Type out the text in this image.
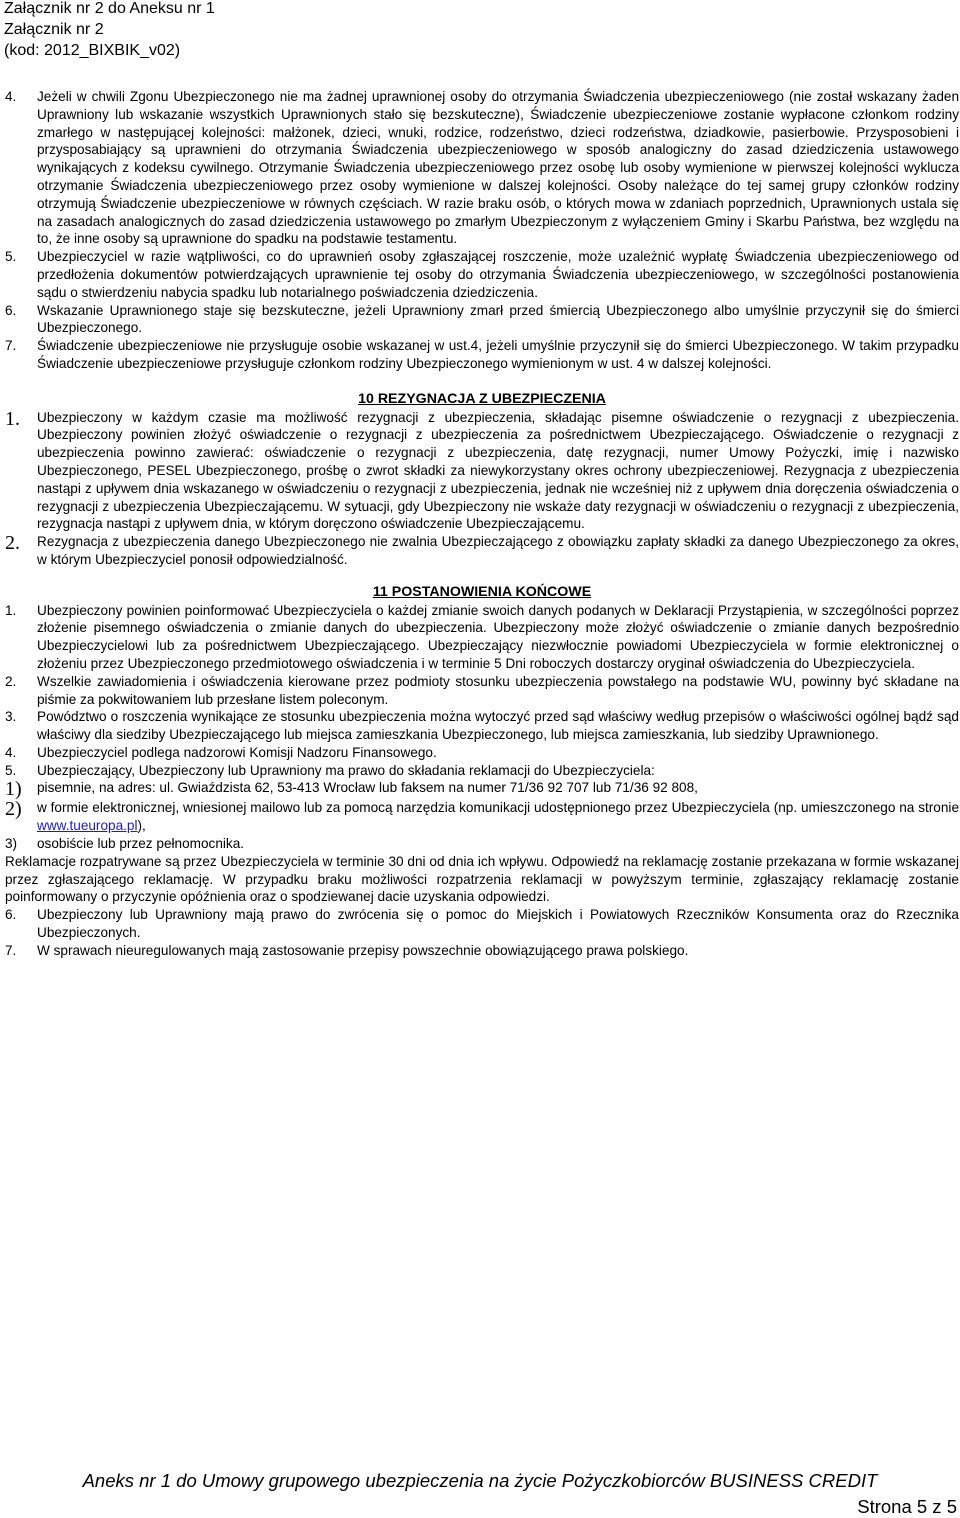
Załącznik nr 2 do Aneksu nr 1
Załącznik nr 2
(kod: 2012_BIXBIK_v02)
4.	Jeżeli w chwili Zgonu Ubezpieczonego nie ma żadnej uprawnionej osoby do otrzymania Świadczenia ubezpieczeniowego (nie został wskazany żaden Uprawniony lub wskazanie wszystkich Uprawnionych stało się bezskuteczne), Świadczenie ubezpieczeniowe zostanie wypłacone członkom rodziny zmarłego w następującej kolejności: małżonek, dzieci, wnuki, rodzice, rodzeństwo, dzieci rodzeństwa, dziadkowie, pasierbowie. Przysposobieni i przysposabiający są uprawnieni do otrzymania Świadczenia ubezpieczeniowego w sposób analogiczny do zasad dziedziczenia ustawowego wynikających z kodeksu cywilnego. Otrzymanie Świadczenia ubezpieczeniowego przez osobę lub osoby wymienione w pierwszej kolejności wyklucza otrzymanie Świadczenia ubezpieczeniowego przez osoby wymienione w dalszej kolejności. Osoby należące do tej samej grupy członków rodziny otrzymują Świadczenie ubezpieczeniowe w równych częściach. W razie braku osób, o których mowa w zdaniach poprzednich, Uprawnionych ustala się na zasadach analogicznych do zasad dziedziczenia ustawowego po zmarłym Ubezpieczonym z wyłączeniem Gminy i Skarbu Państwa, bez względu na to, że inne osoby są uprawnione do spadku na podstawie testamentu.
5.	Ubezpieczyciel w razie wątpliwości, co do uprawnień osoby zgłaszającej roszczenie, może uzależnić wypłatę Świadczenia ubezpieczeniowego od przedłożenia dokumentów potwierdzających uprawnienie tej osoby do otrzymania Świadczenia ubezpieczeniowego, w szczególności postanowienia sądu o stwierdzeniu nabycia spadku lub notarialnego poświadczenia dziedziczenia.
6.	Wskazanie Uprawnionego staje się bezskuteczne, jeżeli Uprawniony zmarł przed śmiercią Ubezpieczonego albo umyślnie przyczynił się do śmierci Ubezpieczonego.
7.	Świadczenie ubezpieczeniowe nie przysługuje osobie wskazanej w ust.4, jeżeli umyślnie przyczynił się do śmierci Ubezpieczonego. W takim przypadku Świadczenie ubezpieczeniowe przysługuje członkom rodziny Ubezpieczonego wymienionym w ust. 4 w dalszej kolejności.
10 REZYGNACJA Z UBEZPIECZENIA
1.	Ubezpieczony w każdym czasie ma możliwość rezygnacji z ubezpieczenia, składając pisemne oświadczenie o rezygnacji z ubezpieczenia. Ubezpieczony powinien złożyć oświadczenie o rezygnacji z ubezpieczenia za pośrednictwem Ubezpieczającego. Oświadczenie o rezygnacji z ubezpieczenia powinno zawierać: oświadczenie o rezygnacji z ubezpieczenia, datę rezygnacji, numer Umowy Pożyczki, imię i nazwisko Ubezpieczonego, PESEL Ubezpieczonego, prośbę o zwrot składki za niewykorzystany okres ochrony ubezpieczeniowej. Rezygnacja z ubezpieczenia nastąpi z upływem dnia wskazanego w oświadczeniu o rezygnacji z ubezpieczenia, jednak nie wcześniej niż z upływem dnia doręczenia oświadczenia o rezygnacji z ubezpieczenia Ubezpieczającemu. W sytuacji, gdy Ubezpieczony nie wskaże daty rezygnacji w oświadczeniu o rezygnacji z ubezpieczenia, rezygnacja nastąpi z upływem dnia, w którym doręczono oświadczenie Ubezpieczającemu.
2.	Rezygnacja z ubezpieczenia danego Ubezpieczonego nie zwalnia Ubezpieczającego z obowiązku zapłaty składki za danego Ubezpieczonego za okres, w którym Ubezpieczyciel ponosił odpowiedzialność.
11 POSTANOWIENIA KOŃCOWE
1.	Ubezpieczony powinien poinformować Ubezpieczyciela o każdej zmianie swoich danych podanych w Deklaracji Przystąpienia, w szczególności poprzez złożenie pisemnego oświadczenia o zmianie danych do ubezpieczenia. Ubezpieczony może złożyć oświadczenie o zmianie danych bezpośrednio Ubezpieczycielowi lub za pośrednictwem Ubezpieczającego. Ubezpieczający niezwłocznie powiadomi Ubezpieczyciela w formie elektronicznej o złożeniu przez Ubezpieczonego przedmiotowego oświadczenia i w terminie 5 Dni roboczych dostarczy oryginał oświadczenia do Ubezpieczyciela.
2.	Wszelkie zawiadomienia i oświadczenia kierowane przez podmioty stosunku ubezpieczenia powstałego na podstawie WU, powinny być składane na piśmie za pokwitowaniem lub przesłane listem poleconym.
3.	Powództwo o roszczenia wynikające ze stosunku ubezpieczenia można wytoczyć przed sąd właściwy według przepisów o właściwości ogólnej bądź sąd właściwy dla siedziby Ubezpieczającego lub miejsca zamieszkania Ubezpieczonego, lub miejsca zamieszkania, lub siedziby Uprawnionego.
4.	Ubezpieczyciel podlega nadzorowi Komisji Nadzoru Finansowego.
5.	Ubezpieczający, Ubezpieczony lub Uprawniony ma prawo do składania reklamacji do Ubezpieczyciela:
1)	pisemnie, na adres: ul. Gwiaździsta 62, 53-413 Wrocław lub faksem na numer 71/36 92 707 lub 71/36 92 808,
2)	w formie elektronicznej, wniesionej mailowo lub za pomocą narzędzia komunikacji udostępnionego przez Ubezpieczyciela (np. umieszczonego na stronie www.tueuropa.pl),
3)	osobiście lub przez pełnomocnika.
Reklamacje rozpatrywane są przez Ubezpieczyciela w terminie 30 dni od dnia ich wpływu. Odpowiedź na reklamację zostanie przekazana w formie wskazanej przez zgłaszającego reklamację. W przypadku braku możliwości rozpatrzenia reklamacji w powyższym terminie, zgłaszający reklamację zostanie poinformowany o przyczynie opóźnienia oraz o spodziewanej dacie uzyskania odpowiedzi.
6.	Ubezpieczony lub Uprawniony mają prawo do zwrócenia się o pomoc do Miejskich i Powiatowych Rzeczników Konsumenta oraz do Rzecznika Ubezpieczonych.
7.	W sprawach nieuregulowanych mają zastosowanie przepisy powszechnie obowiązującego prawa polskiego.
Aneks nr 1 do Umowy grupowego ubezpieczenia na życie Pożyczkobiorców BUSINESS CREDIT
Strona 5 z 5
